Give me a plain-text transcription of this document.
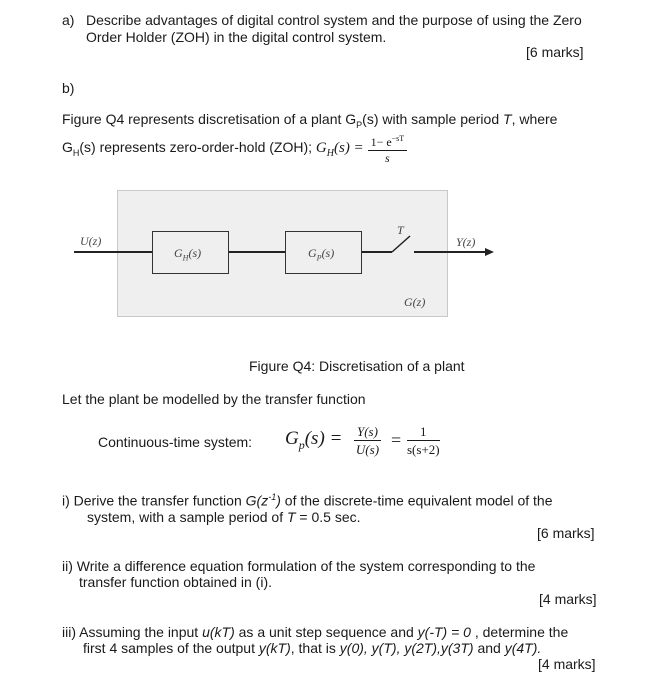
a) Describe advantages of digital control system and the purpose of using the Zero
Order Holder (ZOH) in the digital control system.
[6 marks]
b)
Figure Q4 represents discretisation of a plant $G_P(s)$ with sample period T, where
$G_H(s)$ represents zero-order-hold (ZOH); $G_H(s) = \frac{1- e^{-sT}}{s}$
U(z)
$G_H(s)$	$G_P(s)$
T
Y(z)
G(z)
Figure Q4: Discretisation of a plant
Let the plant be modelled by the transfer function
Continuous-time system: $G_p(s) = \frac{Y(s)}{U(s)} = \frac{1}{s(s+2)}$
i) Derive the transfer function $G(z^{-1})$ of the discrete-time equivalent model of the
system, with a sample period of T = 0.5 sec.
[6 marks]
ii) Write a difference equation formulation of the system corresponding to the
transfer function obtained in (i).
[4 marks]
iii) Assuming the input u(kT) as a unit step sequence and y(-T) = 0 , determine the
first 4 samples of the output y(kT), that is y(0), y(T), y(2T),y(3T) and y(4T).
[4 marks]
